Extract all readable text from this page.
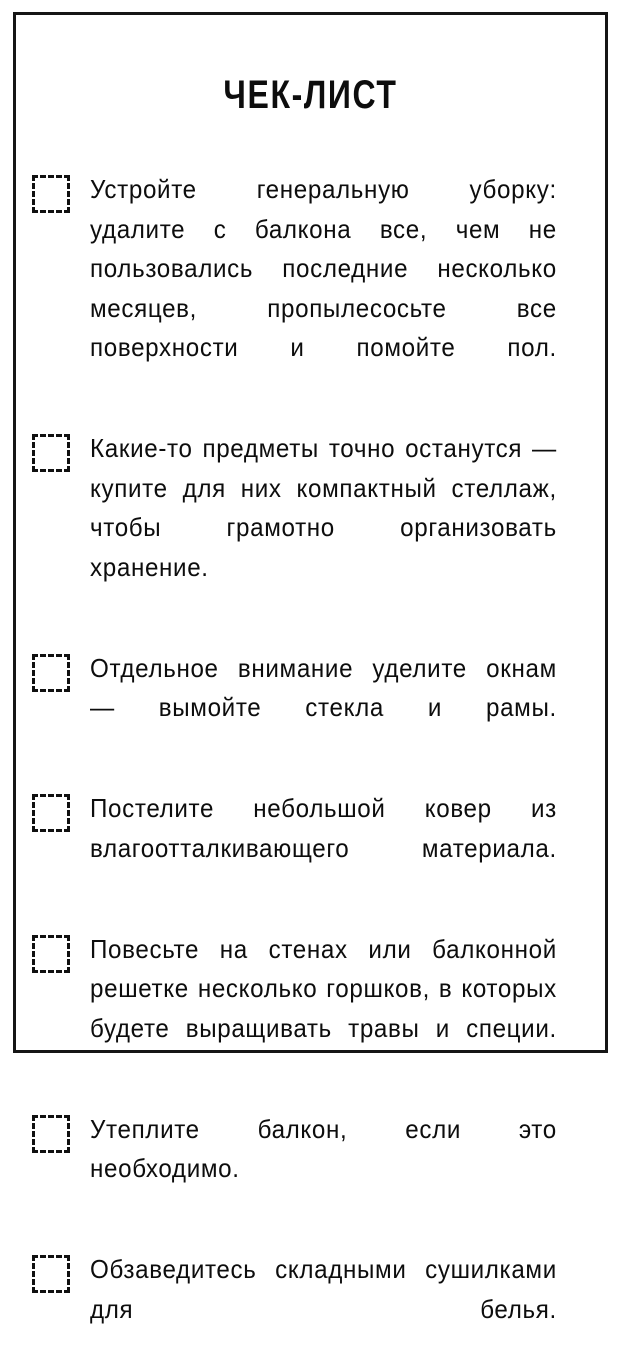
ЧЕК-ЛИСТ
Устройте генеральную уборку: удалите с балкона все, чем не пользовались последние несколько месяцев, пропылесосьте все поверхности и помойте пол.
Какие-то предметы точно останутся — купите для них компактный стеллаж, чтобы грамотно организовать хранение.
Отдельное внимание уделите окнам — вымойте стекла и рамы.
Постелите небольшой ковер из влагоотталкивающего материала.
Повесьте на стенах или балконной решетке несколько горшков, в которых будете выращивать травы и специи.
Утеплите балкон, если это необходимо.
Обзаведитесь складными сушилками для белья.
